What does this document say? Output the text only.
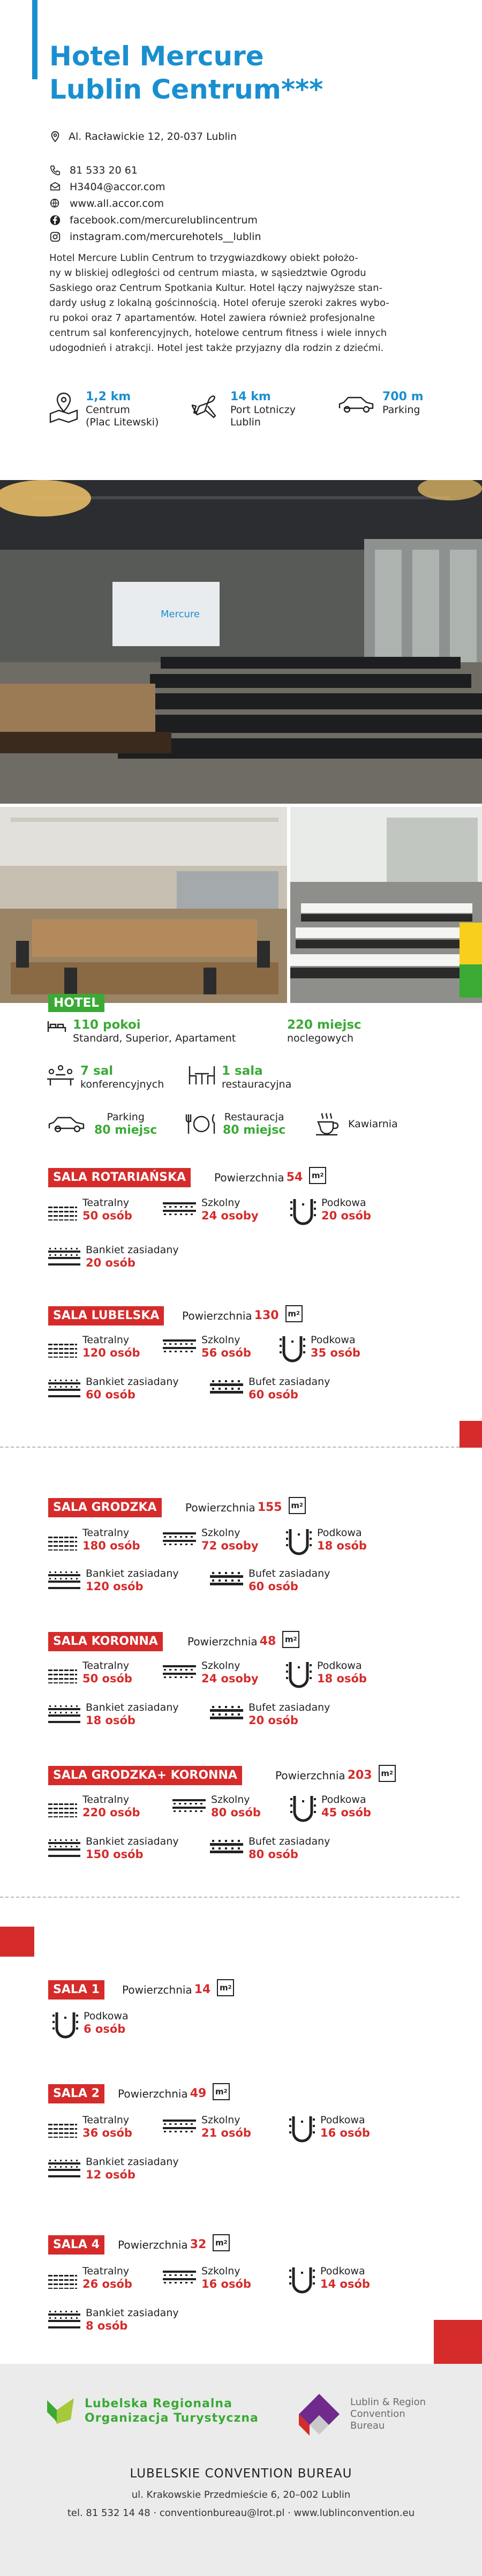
Hotel Mercure
Lublin Centrum***
Al. Racławickie 12, 20-037 Lublin
81 533 20 61
H3404@accor.com
www.all.accor.com
facebook.com/mercurelublincentrum
instagram.com/mercurehotels__lublin
Hotel Mercure Lublin Centrum to trzygwiazdkowy obiekt położo-
ny w bliskiej odległości od centrum miasta, w sąsiedztwie Ogrodu
Saskiego oraz Centrum Spotkania Kultur. Hotel łączy najwyższe stan-
dardy usług z lokalną gościnnością. Hotel oferuje szeroki zakres wybo-
ru pokoi oraz 7 apartamentów. Hotel zawiera również profesjonalne
centrum sal konferencyjnych, hotelowe centrum fitness i wiele innych
udogodnień i atrakcji. Hotel jest także przyjazny dla rodzin z dziećmi.
1,2 km
Centrum
(Plac Litewski)
14 km
Port Lotniczy
Lublin
700 m
Parking
Mercure
HOTEL
110 pokoi
Standard, Superior, Apartament
220 miejsc
noclegowych
7 sal
konferencyjnych
1 sala
restauracyjna
Parking
80 miejsc
Restauracja
80 miejsc	Kawiarnia
SALA ROTARIAŃSKA	Powierzchnia 54 m 2
Teatralny
50 osób
Szkolny
24 osoby
Podkowa
20 osób
Bankiet zasiadany
20 osób
SALA LUBELSKA	Powierzchnia 130 m 2
Teatralny
120 osób
Szkolny
56 osób
Podkowa
35 osób
Bankiet zasiadany
60 osób
Bufet zasiadany
60 osób
SALA GRODZKA	Powierzchnia 155 m 2
Teatralny
180 osób
Szkolny
72 osoby
Podkowa
18 osób
Bankiet zasiadany
120 osób
Bufet zasiadany
60 osób
SALA KORONNA	Powierzchnia 48 m 2
Teatralny
50 osób
Szkolny
24 osoby
Podkowa
18 osób
Bankiet zasiadany
18 osób
Bufet zasiadany
20 osób
SALA GRODZKA+ KORONNA	Powierzchnia 203 m 2
Teatralny
220 osób
Szkolny
80 osób
Podkowa
45 osób
Bankiet zasiadany
150 osób
Bufet zasiadany
80 osób
SALA 1	Powierzchnia 14 m 2
Podkowa
6 osób
SALA 2	Powierzchnia 49 m 2
Teatralny
36 osób
Szkolny
21 osób
Podkowa
16 osób
Bankiet zasiadany
12 osób
SALA 4	Powierzchnia 32 m 2
Teatralny
26 osób
Szkolny
16 osób
Podkowa
14 osób
Bankiet zasiadany
8 osób
Lubelska Regionalna
Organizacja Turystyczna
Lublin & Region
Convention
Bureau
LUBELSKIE CONVENTION BUREAU
ul. Krakowskie Przedmieście 6, 20–002 Lublin
tel. 81 532 14 48 · conventionbureau@lrot.pl · www.lublinconvention.eu
